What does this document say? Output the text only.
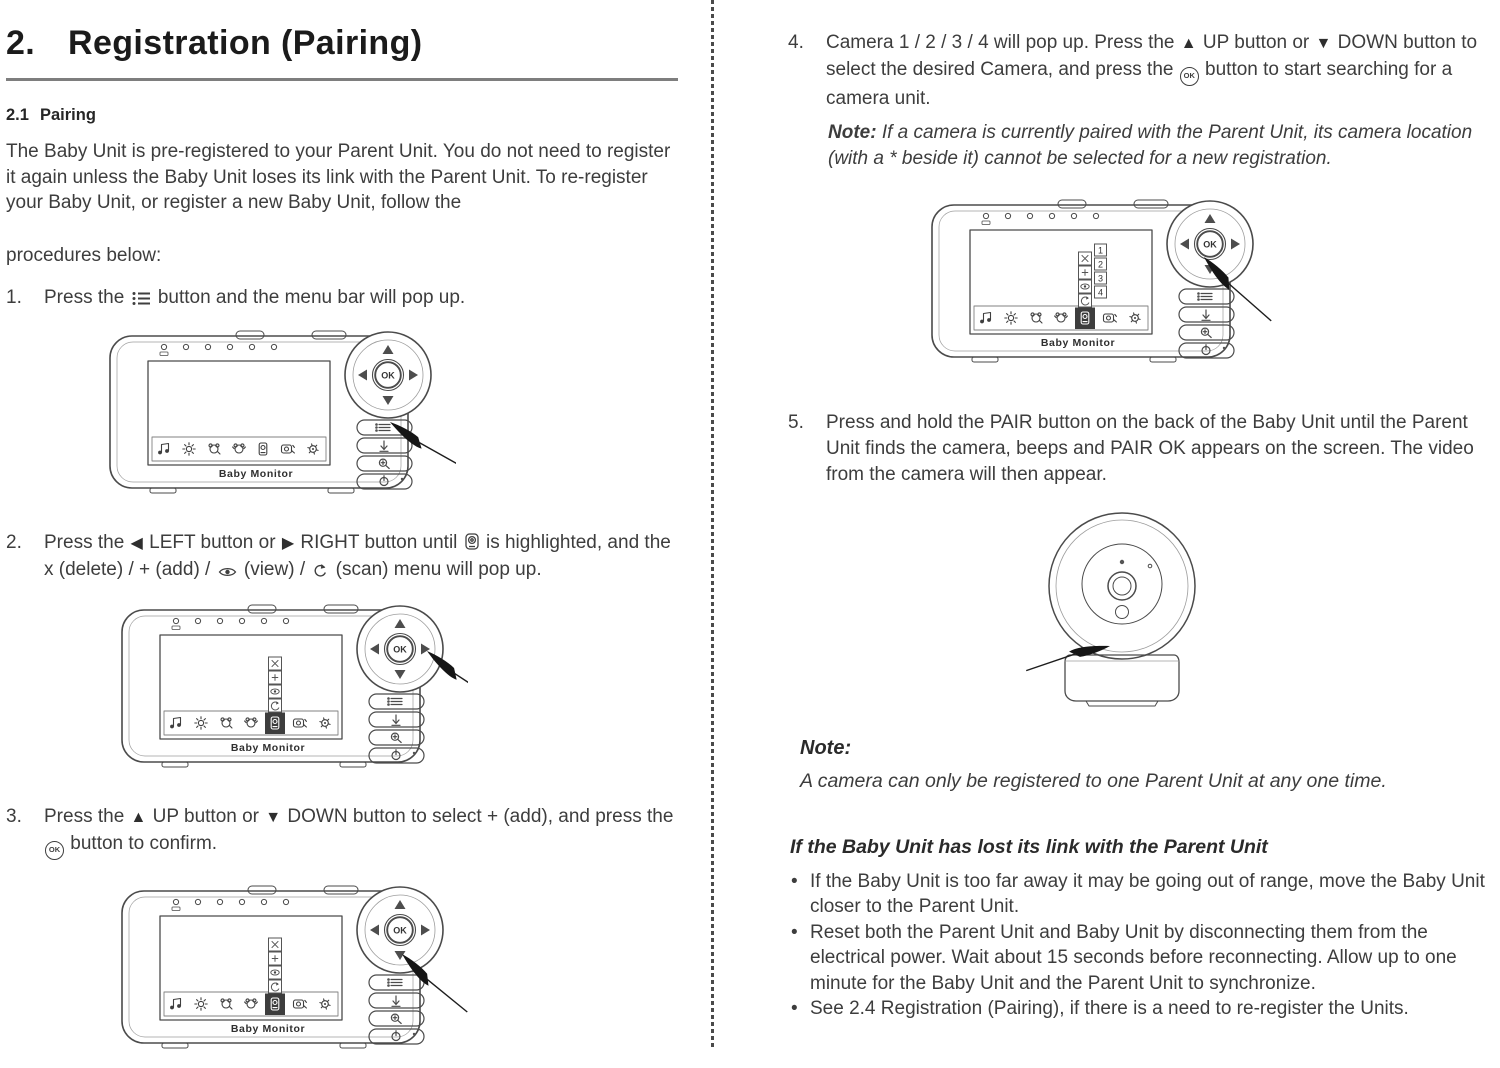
2. Registration (Pairing)
2.1 Pairing

The Baby Unit is pre-registered to your Parent Unit. You do not need to register it again unless the Baby Unit loses its link with the Parent Unit. To re-register your Baby Unit, or register a new Baby Unit, follow the

procedures below:

1.	Press the  button and the menu bar will pop up.
OK
Baby Monitor
2.	Press the ◀ LEFT button or ▶ RIGHT button until  is highlighted, and the x (delete) / + (add) /  (view) /  (scan) menu will pop up.
OK
Baby Monitor
3.	Press the ▲ UP button or ▼ DOWN button to select + (add), and press the OK button to confirm.
OK
Baby Monitor
4.	Camera 1 / 2 / 3 / 4 will pop up. Press the ▲ UP button or ▼ DOWN button to select the desired Camera, and press the OK button to start searching for a camera unit.
Note: If a camera is currently paired with the Parent Unit, its camera location (with a * beside it) cannot be selected for a new registration.
1
2
3
4
OK
Baby Monitor
5.	Press and hold the PAIR button on the back of the Baby Unit until the Parent Unit finds the camera, beeps and PAIR OK appears on the screen. The video from the camera will then appear.
Note:
A camera can only be registered to one Parent Unit at any one time.
If the Baby Unit has lost its link with the Parent Unit
• If the Baby Unit is too far away it may be going out of range, move the Baby Unit closer to the Parent Unit.
• Reset both the Parent Unit and Baby Unit by disconnecting them from the electrical power. Wait about 15 seconds before reconnecting. Allow up to one minute for the Baby Unit and the Parent Unit to synchronize.
• See 2.4 Registration (Pairing), if there is a need to re-register the Units.
